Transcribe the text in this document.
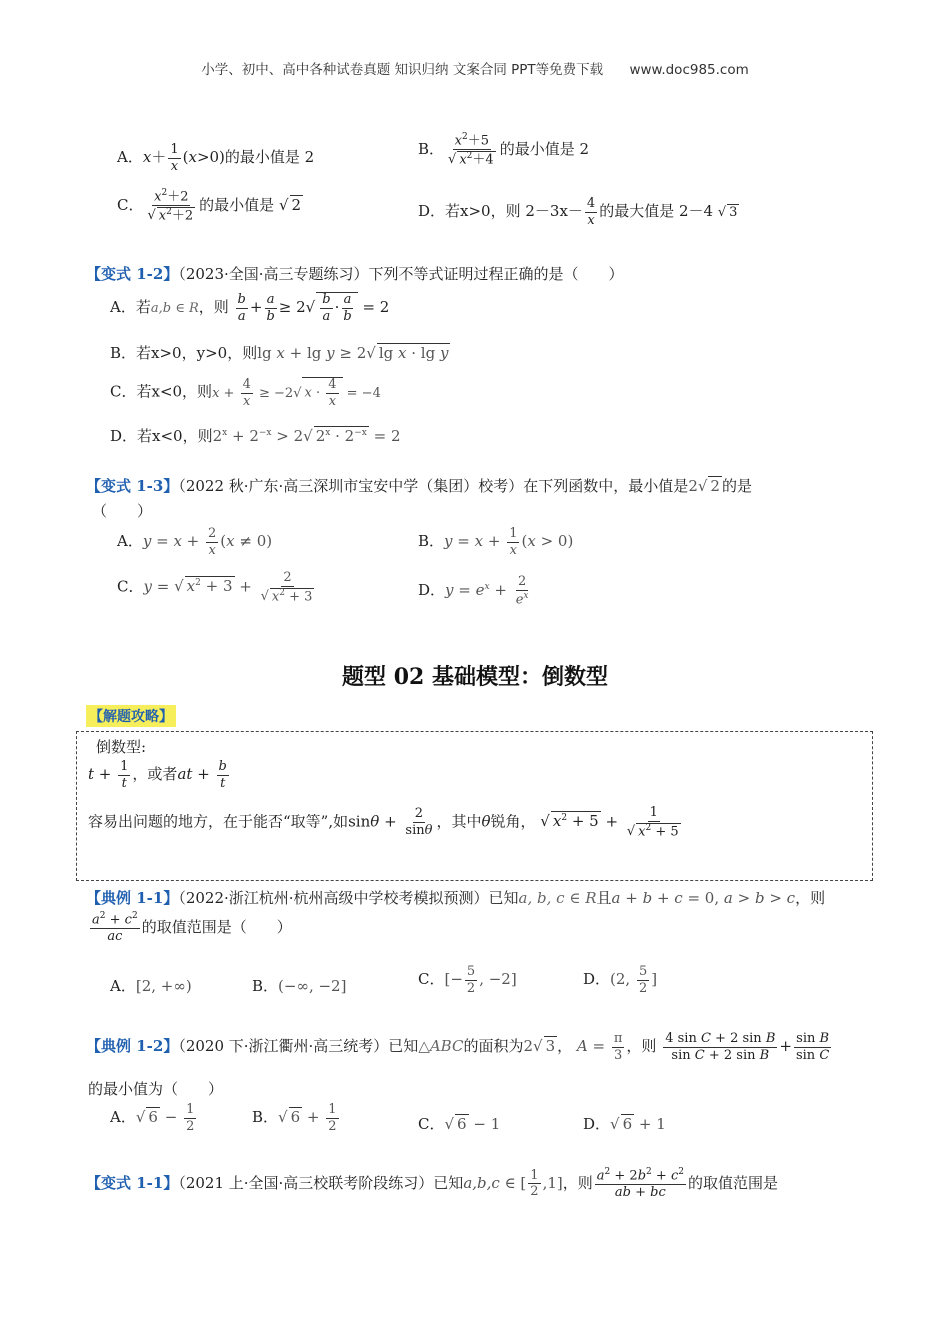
小学、初中、高中各种试卷真题 知识归纳 文案合同 PPT等免费下载 www.doc985.com
A．$x+ \frac{1}{x} (x>0)$的最小值是 2	B． $x^2+5$
√ $x^2+4$ 的最小值是 2
C． $x^2+2$
√ $x^2+2$ 的最小值是 √ 2	D．若x>0，则 $2-3x- \frac{4}{x}$ 的最大值是 2－4 √ 3
【变式 1-2】（2023·全国·高三专题练习）下列不等式证明过程正确的是（　　）
A．若a,b ∈ R，则 $\frac{b}{a} + \frac{a}{b} \ge 2√ \frac{b}{a} \cdot \frac{a}{b} = 2$
B．若x>0，y>0，则lg x + lg y ≥ 2√ lg x · lg y
C．若x<0，则$x + \frac{4}{x} \ge -2√$ $x \cdot \frac{4}{x} = -4$
D．若x<0，则$2^x + 2^{-x} > 2√$ $2^x \cdot 2^{-x} = 2$
【变式 1-3】（2022 秋·广东·高三深圳市宝安中学（集团）校考）在下列函数中，最小值是2√ 2 的是
（　　）
A．$y = x + \frac{2}{x} (x \ne 0)$	B．$y = x + \frac{1}{x} (x > 0)$
C．y = √ $x^2 + 3 + 2$
√ $x^2 + 3$	D．$y = e^x + \frac{2}{e^x}$
题型 02 基础模型：倒数型
【解题攻略】
倒数型:
$t + \frac{1}{t}$ ，或者at + $\frac{b}{t}$
容易出问题的地方，在于能否“取等”,如$\sin\theta + \frac{2}{\sin\theta}$ ，其中θ锐角， √ $x^2 + 5 + 1$
√ $x^2 + 5$
【典例 1-1】（2022·浙江杭州·杭州高级中学校考模拟预测）已知a, b, c ∈ R且a + b + c = 0, a > b > c，则
$\frac{a^2 + c^2}{ac}$ 的取值范围是（　　）
A．[2, +∞)	B．(−∞, −2]	C．[− $\frac{5}{2}$ , −2]	D．(2, $\frac{5}{2}$ ]
【典例 1-2】（2020 下·浙江衢州·高三统考）已知△ABC的面积为2√ 3 ， $A = \frac{\pi}{3}$ ，则 $\frac{\text{4 sin C + 2 sin B}}{\text{sin C + 2 sin B}} + \frac{\text{sin B}}{\text{sin C}}$
的最小值为（　　）
A．√ $6 - \frac{1}{2}$	B．√ $6 + \frac{1}{2}$	C．√ 6 − 1	D．√ 6 + 1
【变式 1-1】（2021 上·全国·高三校联考阶段练习）已知a,b,c ∈ [ $\frac{1}{2} ,1$]，则 $\frac{a^2 + 2b^2 + c^2}{ab + bc}$ 的取值范围是
